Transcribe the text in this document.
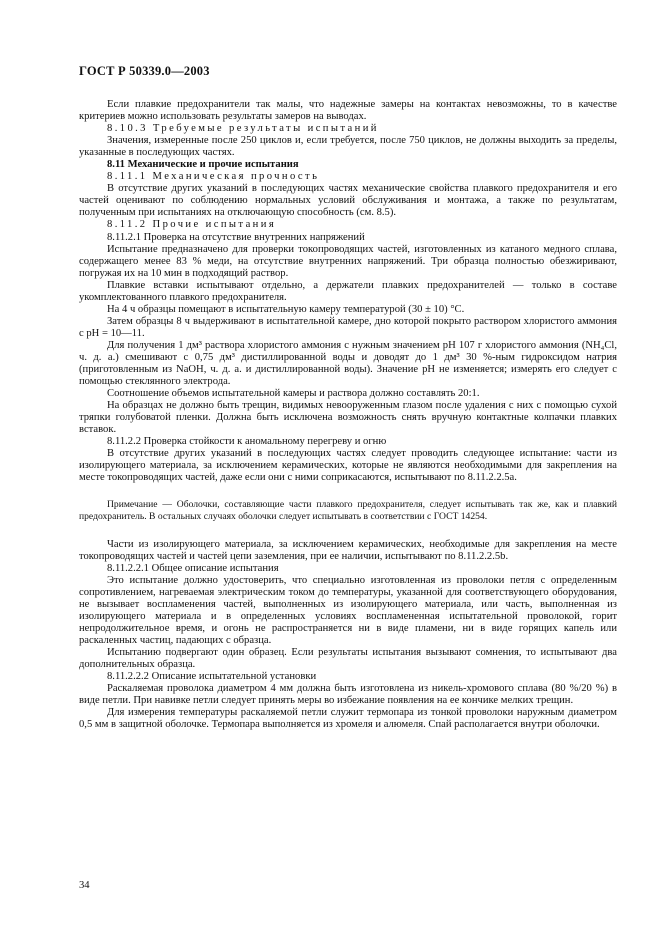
ГОСТ Р 50339.0—2003

Если плавкие предохранители так малы, что надежные замеры на контактах невозможны, то в качестве критериев можно использовать результаты замеров на выводах.

8.10.3 Требуемые результаты испытаний

Значения, измеренные после 250 циклов и, если требуется, после 750 циклов, не должны выходить за пределы, указанные в последующих частях.

8.11 Механические и прочие испытания

8.11.1 Механическая прочность

В отсутствие других указаний в последующих частях механические свойства плавкого предохранителя и его частей оценивают по соблюдению нормальных условий обслуживания и монтажа, а также по результатам, полученным при испытаниях на отключающую способность (см. 8.5).

8.11.2 Прочие испытания

8.11.2.1 Проверка на отсутствие внутренних напряжений

Испытание предназначено для проверки токопроводящих частей, изготовленных из катаного медного сплава, содержащего менее 83 % меди, на отсутствие внутренних напряжений. Три образца полностью обезжиривают, погружая их на 10 мин в подходящий раствор.

Плавкие вставки испытывают отдельно, а держатели плавких предохранителей — только в составе укомплектованного плавкого предохранителя.

На 4 ч образцы помещают в испытательную камеру температурой (30 ± 10) °С.

Затем образцы 8 ч выдерживают в испытательной камере, дно которой покрыто раствором хлористого аммония с pH = 10—11.

Для получения 1 дм³ раствора хлористого аммония с нужным значением pH 107 г хлористого аммония (NH₄Cl, ч. д. а.) смешивают с 0,75 дм³ дистиллированной воды и доводят до 1 дм³ 30 %-ным гидроксидом натрия (приготовленным из NaOH, ч. д. а. и дистиллированной воды). Значение pH не изменяется; измерять его следует с помощью стеклянного электрода.

Соотношение объемов испытательной камеры и раствора должно составлять 20:1.

На образцах не должно быть трещин, видимых невооруженным глазом после удаления с них с помощью сухой тряпки голубоватой пленки. Должна быть исключена возможность снять вручную контактные колпачки плавких вставок.

8.11.2.2 Проверка стойкости к аномальному перегреву и огню

В отсутствие других указаний в последующих частях следует проводить следующее испытание: части из изолирующего материала, за исключением керамических, которые не являются необходимыми для закрепления на месте токопроводящих частей, даже если они с ними соприкасаются, испытывают по 8.11.2.2.5а.

Примечание — Оболочки, составляющие части плавкого предохранителя, следует испытывать так же, как и плавкий предохранитель. В остальных случаях оболочки следует испытывать в соответствии с ГОСТ 14254.

Части из изолирующего материала, за исключением керамических, необходимые для закрепления на месте токопроводящих частей и частей цепи заземления, при ее наличии, испытывают по 8.11.2.2.5b.

8.11.2.2.1 Общее описание испытания

Это испытание должно удостоверить, что специально изготовленная из проволоки петля с определенным сопротивлением, нагреваемая электрическим током до температуры, указанной для соответствующего оборудования, не вызывает воспламенения частей, выполненных из изолирующего материала, или часть, выполненная из изолирующего материала и в определенных условиях воспламененная испытательной проволокой, горит непродолжительное время, и огонь не распространяется ни в виде пламени, ни в виде горящих капель или раскаленных частиц, падающих с образца.

Испытанию подвергают один образец. Если результаты испытания вызывают сомнения, то испытывают два дополнительных образца.

8.11.2.2.2 Описание испытательной установки

Раскаляемая проволока диаметром 4 мм должна быть изготовлена из никель-хромового сплава (80 %/20 %) в виде петли. При навивке петли следует принять меры во избежание появления на ее кончике мелких трещин.

Для измерения температуры раскаляемой петли служит термопара из тонкой проволоки наружным диаметром 0,5 мм в защитной оболочке. Термопара выполняется из хромеля и алюмеля. Спай располагается внутри оболочки.

34
